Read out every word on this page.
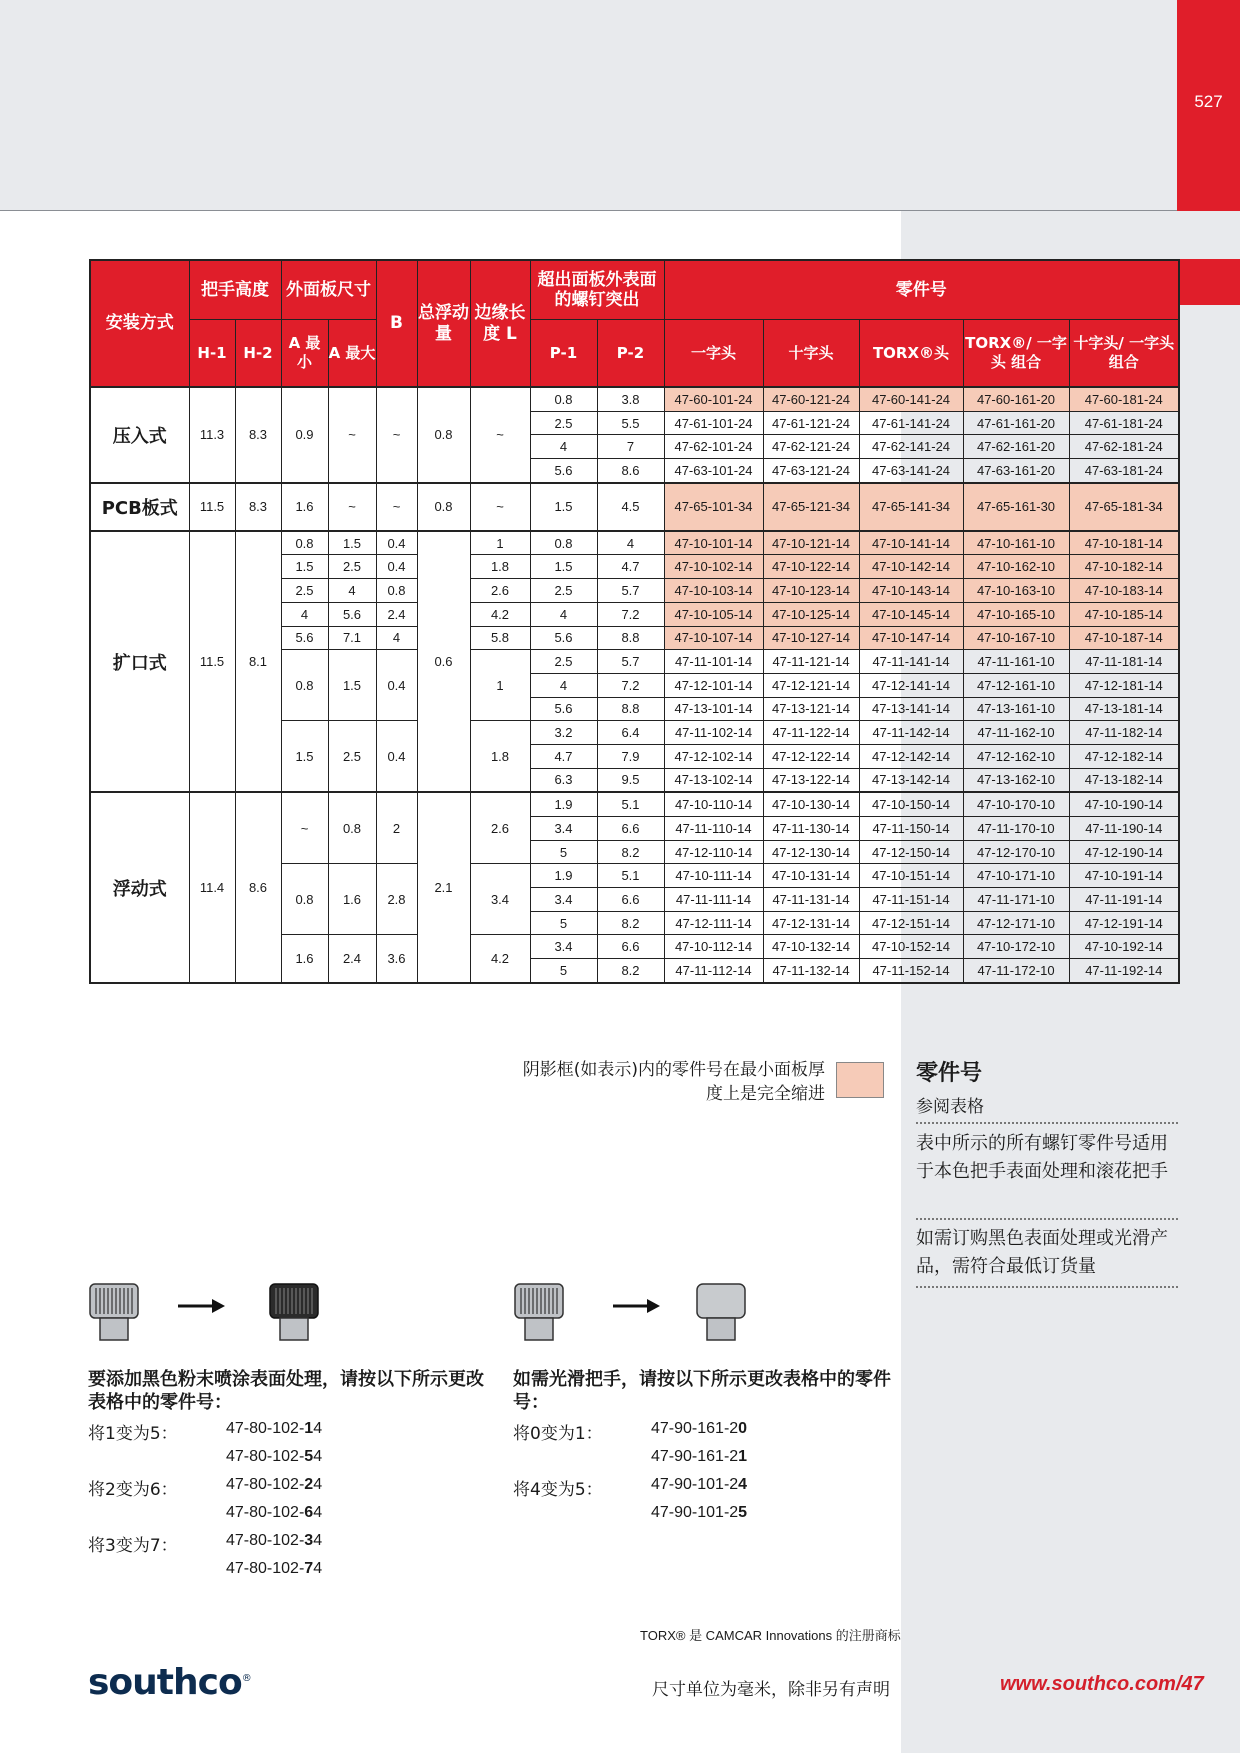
527
安装方式	把手高度		外面板尺寸		B	总浮动量	边缘长度 L	超出面板外表面的螺钉突出		零件号				
	H-1	H-2	A 最小	A 最大				P-1	P-2	一字头	十字头	TORX®头	TORX®/ 一字头 组合	十字头/ 一字头组合
压入式	11.3	8.3	0.9	~	~	0.8	~	0.8	3.8	47-60-101-24	47-60-121-24	47-60-141-24	47-60-161-20	47-60-181-24
								2.5	5.5	47-61-101-24	47-61-121-24	47-61-141-24	47-61-161-20	47-61-181-24
								4	7	47-62-101-24	47-62-121-24	47-62-141-24	47-62-161-20	47-62-181-24
								5.6	8.6	47-63-101-24	47-63-121-24	47-63-141-24	47-63-161-20	47-63-181-24
PCB板式	11.5	8.3	1.6	~	~	0.8	~	1.5	4.5	47-65-101-34	47-65-121-34	47-65-141-34	47-65-161-30	47-65-181-34
扩口式	11.5	8.1	0.8	1.5	0.4	0.6	1	0.8	4	47-10-101-14	47-10-121-14	47-10-141-14	47-10-161-10	47-10-181-14
			1.5	2.5	0.4		1.8	1.5	4.7	47-10-102-14	47-10-122-14	47-10-142-14	47-10-162-10	47-10-182-14
			2.5	4	0.8		2.6	2.5	5.7	47-10-103-14	47-10-123-14	47-10-143-14	47-10-163-10	47-10-183-14
			4	5.6	2.4		4.2	4	7.2	47-10-105-14	47-10-125-14	47-10-145-14	47-10-165-10	47-10-185-14
			5.6	7.1	4		5.8	5.6	8.8	47-10-107-14	47-10-127-14	47-10-147-14	47-10-167-10	47-10-187-14
			0.8	1.5	0.4		1	2.5	5.7	47-11-101-14	47-11-121-14	47-11-141-14	47-11-161-10	47-11-181-14
								4	7.2	47-12-101-14	47-12-121-14	47-12-141-14	47-12-161-10	47-12-181-14
								5.6	8.8	47-13-101-14	47-13-121-14	47-13-141-14	47-13-161-10	47-13-181-14
			1.5	2.5	0.4		1.8	3.2	6.4	47-11-102-14	47-11-122-14	47-11-142-14	47-11-162-10	47-11-182-14
								4.7	7.9	47-12-102-14	47-12-122-14	47-12-142-14	47-12-162-10	47-12-182-14
								6.3	9.5	47-13-102-14	47-13-122-14	47-13-142-14	47-13-162-10	47-13-182-14
浮动式	11.4	8.6	~	0.8	2	2.1	2.6	1.9	5.1	47-10-110-14	47-10-130-14	47-10-150-14	47-10-170-10	47-10-190-14
								3.4	6.6	47-11-110-14	47-11-130-14	47-11-150-14	47-11-170-10	47-11-190-14
								5	8.2	47-12-110-14	47-12-130-14	47-12-150-14	47-12-170-10	47-12-190-14
			0.8	1.6	2.8		3.4	1.9	5.1	47-10-111-14	47-10-131-14	47-10-151-14	47-10-171-10	47-10-191-14
								3.4	6.6	47-11-111-14	47-11-131-14	47-11-151-14	47-11-171-10	47-11-191-14
								5	8.2	47-12-111-14	47-12-131-14	47-12-151-14	47-12-171-10	47-12-191-14
			1.6	2.4	3.6		4.2	3.4	6.6	47-10-112-14	47-10-132-14	47-10-152-14	47-10-172-10	47-10-192-14
								5	8.2	47-11-112-14	47-11-132-14	47-11-152-14	47-11-172-10	47-11-192-14
阴影框(如表示)内的零件号在最小面板厚
度上是完全缩进
零件号
参阅表格
表中所示的所有螺钉零件号适用于本色把手表面处理和滚花把手
如需订购黑色表面处理或光滑产品，需符合最低订货量
要添加黑色粉末喷涂表面处理，请按以下所示更改表格中的零件号：
将1变为5：	47-80-102-14
47-80-102-54
将2变为6：	47-80-102-24
47-80-102-64
将3变为7：	47-80-102-34
47-80-102-74
如需光滑把手，请按以下所示更改表格中的零件号：
将0变为1：	47-90-161-20
47-90-161-21
将4变为5：	47-90-101-24
47-90-101-25
TORX® 是 CAMCAR Innovations 的注册商标
southco®
尺寸单位为毫米，除非另有声明	www.southco.com/47
